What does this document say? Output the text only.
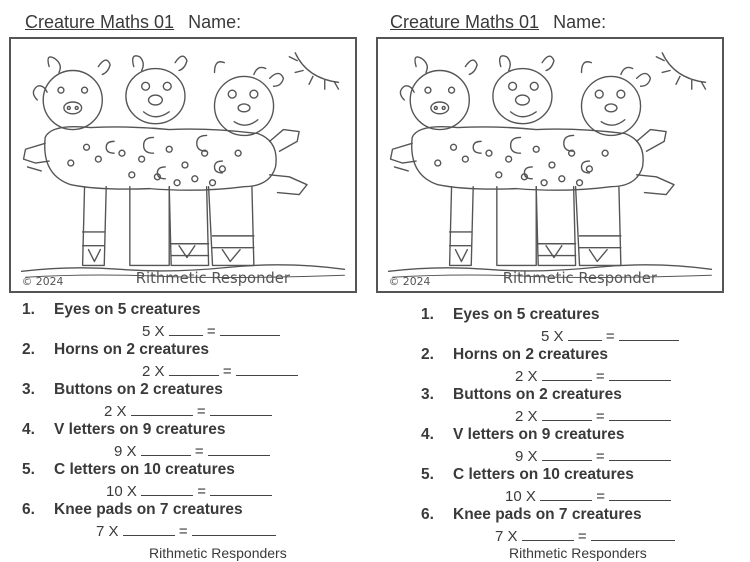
Creature Maths 01 Name:
© 2024	Rithmetic Responder
1. Eyes on 5 creatures
5 X	=
2. Horns on 2 creatures
2 X	=
3. Buttons on 2 creatures
2 X	=
4. V letters on 9 creatures
9 X	=
5. C letters on 10 creatures
10 X	=
6. Knee pads on 7 creatures
7 X	=
Rithmetic Responders
Creature Maths 01 Name:
© 2024	Rithmetic Responder
1. Eyes on 5 creatures
5 X	=
2. Horns on 2 creatures
2 X	=
3. Buttons on 2 creatures
2 X	=
4. V letters on 9 creatures
9 X	=
5. C letters on 10 creatures
10 X	=
6. Knee pads on 7 creatures
7 X	=
Rithmetic Responders
